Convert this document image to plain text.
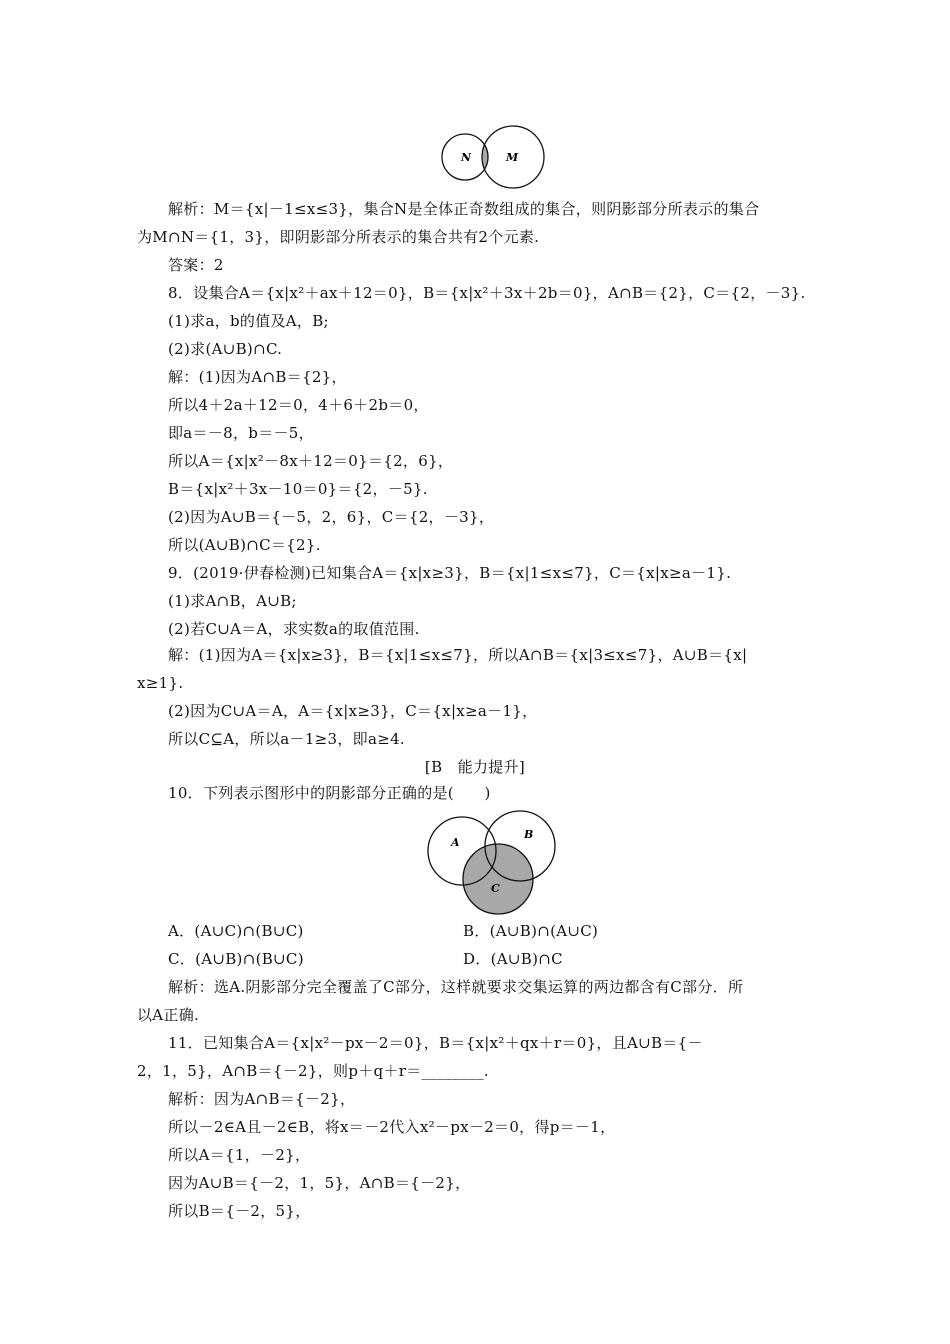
N	M
解析：M＝{x|－1≤x≤3}，集合N是全体正奇数组成的集合，则阴影部分所表示的集合
为M∩N＝{1，3}，即阴影部分所表示的集合共有2个元素.
答案：2
8．设集合A＝{x|x²＋ax＋12＝0}，B＝{x|x²＋3x＋2b＝0}，A∩B＝{2}，C＝{2，－3}.
(1)求a，b的值及A，B;
(2)求(A∪B)∩C.
解：(1)因为A∩B＝{2}，
所以4＋2a＋12＝0，4＋6＋2b＝0，
即a＝－8，b＝－5，
所以A＝{x|x²－8x＋12＝0}＝{2，6}，
B＝{x|x²＋3x－10＝0}＝{2，－5}.
(2)因为A∪B＝{－5，2，6}，C＝{2，－3}，
所以(A∪B)∩C＝{2}.
9．(2019·伊春检测)已知集合A＝{x|x≥3}，B＝{x|1≤x≤7}，C＝{x|x≥a－1}.
(1)求A∩B，A∪B;
(2)若C∪A＝A，求实数a的取值范围.
解：(1)因为A＝{x|x≥3}，B＝{x|1≤x≤7}，所以A∩B＝{x|3≤x≤7}，A∪B＝{x|
x≥1}.
(2)因为C∪A＝A，A＝{x|x≥3}，C＝{x|x≥a－1}，
所以C⊆A，所以a－1≥3，即a≥4.
[B　能力提升]
10．下列表示图形中的阴影部分正确的是(　　)
A
B
C
A．(A∪C)∩(B∪C)	B．(A∪B)∩(A∪C)
C．(A∪B)∩(B∪C)	D．(A∪B)∩C
解析：选A.阴影部分完全覆盖了C部分，这样就要求交集运算的两边都含有C部分．所
以A正确.
11．已知集合A＝{x|x²－px－2＝0}，B＝{x|x²＋qx＋r＝0}，且A∪B＝{－
2，1，5}，A∩B＝{－2}，则p＋q＋r＝________.
解析：因为A∩B＝{－2}，
所以－2∈A且－2∈B，将x＝－2代入x²－px－2＝0，得p＝－1，
所以A＝{1，－2}，
因为A∪B＝{－2，1，5}，A∩B＝{－2}，
所以B＝{－2，5}，
